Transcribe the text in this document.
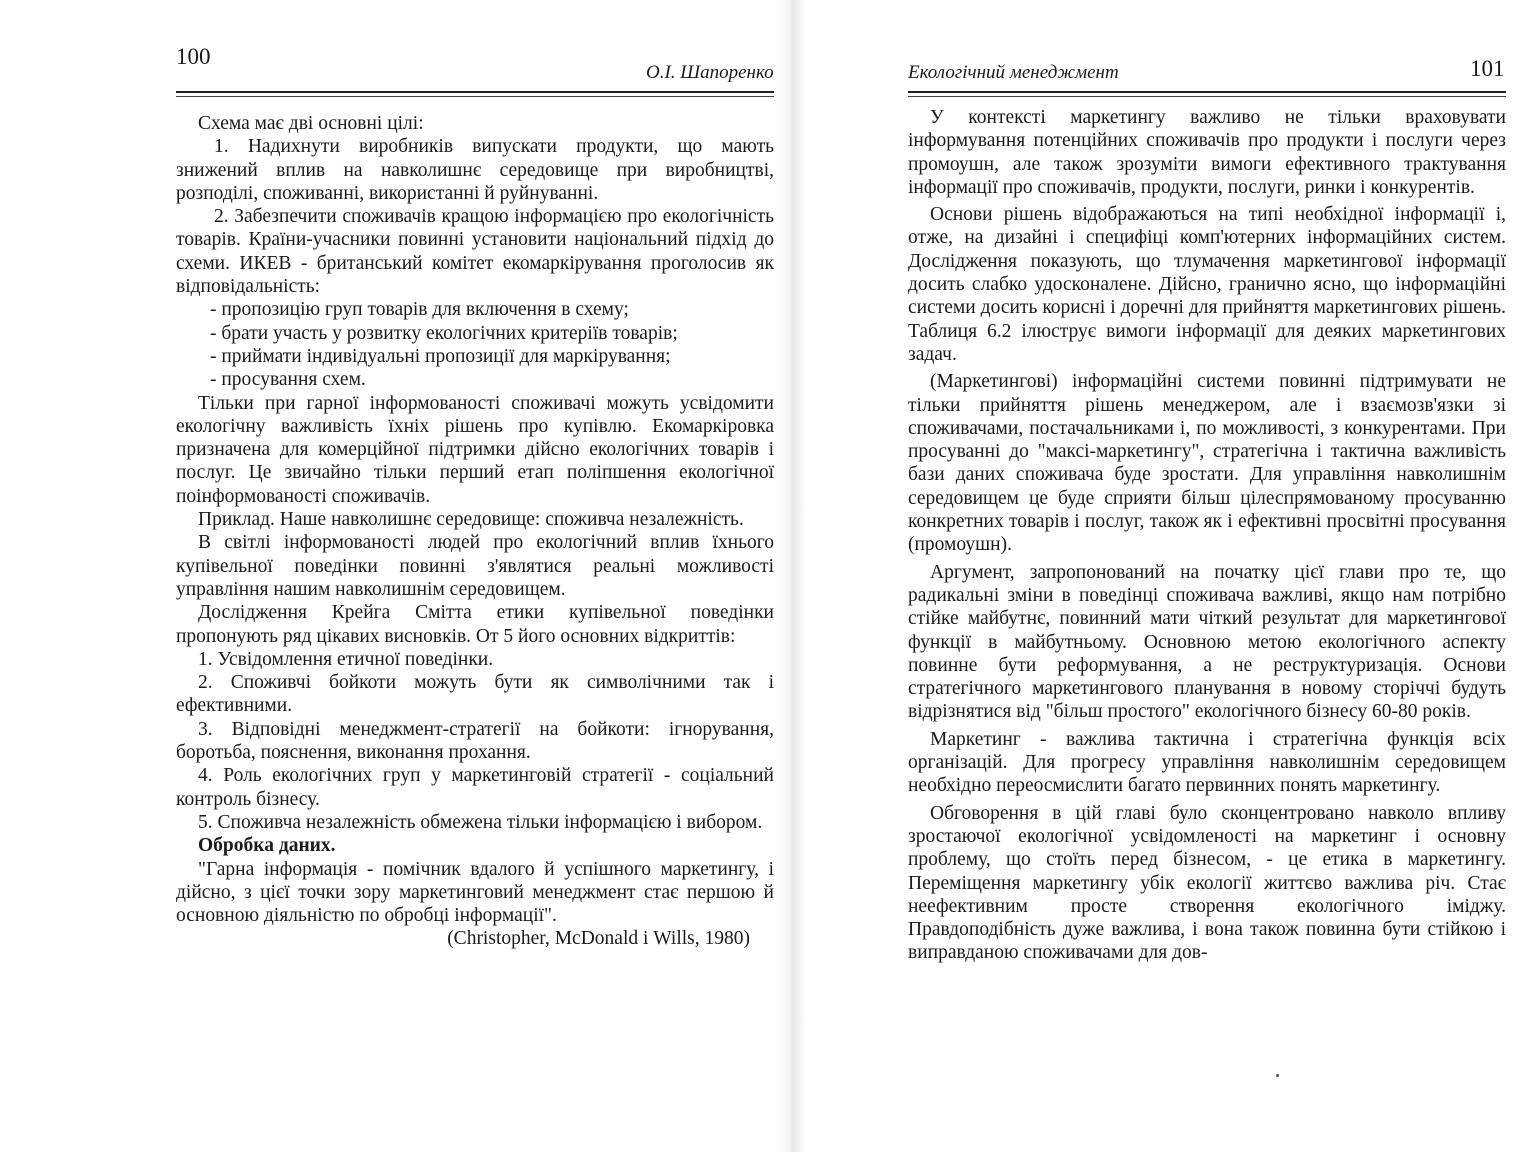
100
О.І. Шапоренко

Схема має дві основні цілі:

1. Надихнути виробників випускати продукти, що мають знижений вплив на навколишнє середовище при виробництві, розподілі, споживанні, використанні й руйнуванні.

2. Забезпечити споживачів кращою інформацією про екологічність товарів. Країни-учасники повинні установити національний підхід до схеми. ИКЕВ - британський комітет екомаркірування проголосив як відповідальність:

- пропозицію груп товарів для включення в схему;

- брати участь у розвитку екологічних критеріїв товарів;

- приймати індивідуальні пропозиції для маркірування;

- просування схем.

Тільки при гарної інформованості споживачі можуть усвідомити екологічну важливість їхніх рішень про купівлю. Екомаркіровка призначена для комерційної підтримки дійсно екологічних товарів і послуг. Це звичайно тільки перший етап поліпшення екологічної поінформованості споживачів.

Приклад. Наше навколишнє середовище: споживча незалежність.

В світлі інформованості людей про екологічний вплив їхнього купівельної поведінки повинні з'являтися реальні можливості управління нашим навколишнім середовищем.

Дослідження Крейга Смітта етики купівельної поведінки пропонують ряд цікавих висновків. От 5 його основних відкриттів:

1. Усвідомлення етичної поведінки.

2. Споживчі бойкоти можуть бути як символічними так і ефективними.

3. Відповідні менеджмент-стратегії на бойкоти: ігнорування, боротьба, пояснення, виконання прохання.

4. Роль екологічних груп у маркетинговій стратегії - соціальний контроль бізнесу.

5. Споживча незалежність обмежена тільки інформацією і вибором.

Обробка даних.

"Гарна інформація - помічник вдалого й успішного маркетингу, і дійсно, з цієї точки зору маркетинговий менеджмент стає першою й основною діяльністю по обробці інформації".

(Christopher, McDonald і Wills, 1980)

Екологічний менеджмент	101

У контексті маркетингу важливо не тільки враховувати інформування потенційних споживачів про продукти і послуги через промоушн, але також зрозуміти вимоги ефективного трактування інформації про споживачів, продукти, послуги, ринки і конкурентів.

Основи рішень відображаються на типі необхідної інформації і, отже, на дизайні і специфіці комп'ютерних інформаційних систем. Дослідження показують, що тлумачення маркетингової інформації досить слабко удосконалене. Дійсно, гранично ясно, що інформаційні системи досить корисні і доречні для прийняття маркетингових рішень. Таблиця 6.2 ілюструє вимоги інформації для деяких маркетингових задач.

(Маркетингові) інформаційні системи повинні підтримувати не тільки прийняття рішень менеджером, але і взаємозв'язки зі споживачами, постачальниками і, по можливості, з конкурентами. При просуванні до "максі-маркетингу", стратегічна і тактична важливість бази даних споживача буде зростати. Для управління навколишнім середовищем це буде сприяти більш цілеспрямованому просуванню конкретних товарів і послуг, також як і ефективні просвітні просування (промоушн).

Аргумент, запропонований на початку цієї глави про те, що радикальні зміни в поведінці споживача важливі, якщо нам потрібно стійке майбутнє, повинний мати чіткий результат для маркетингової функції в майбутньому. Основною метою екологічного аспекту повинне бути реформування, а не реструктуризація. Основи стратегічного маркетингового планування в новому сторіччі будуть відрізнятися від "більш простого" екологічного бізнесу 60-80 років.

Маркетинг - важлива тактична і стратегічна функція всіх організацій. Для прогресу управління навколишнім середовищем необхідно переосмислити багато первинних понять маркетингу.

Обговорення в цій главі було сконцентровано навколо впливу зростаючої екологічної усвідомленості на маркетинг і основну проблему, що стоїть перед бізнесом, - це етика в маркетингу. Переміщення маркетингу убік екології життєво важлива річ. Стає неефективним просте створення екологічного іміджу. Правдоподібність дуже важлива, і вона також повинна бути стійкою і виправданою споживачами для дов-
